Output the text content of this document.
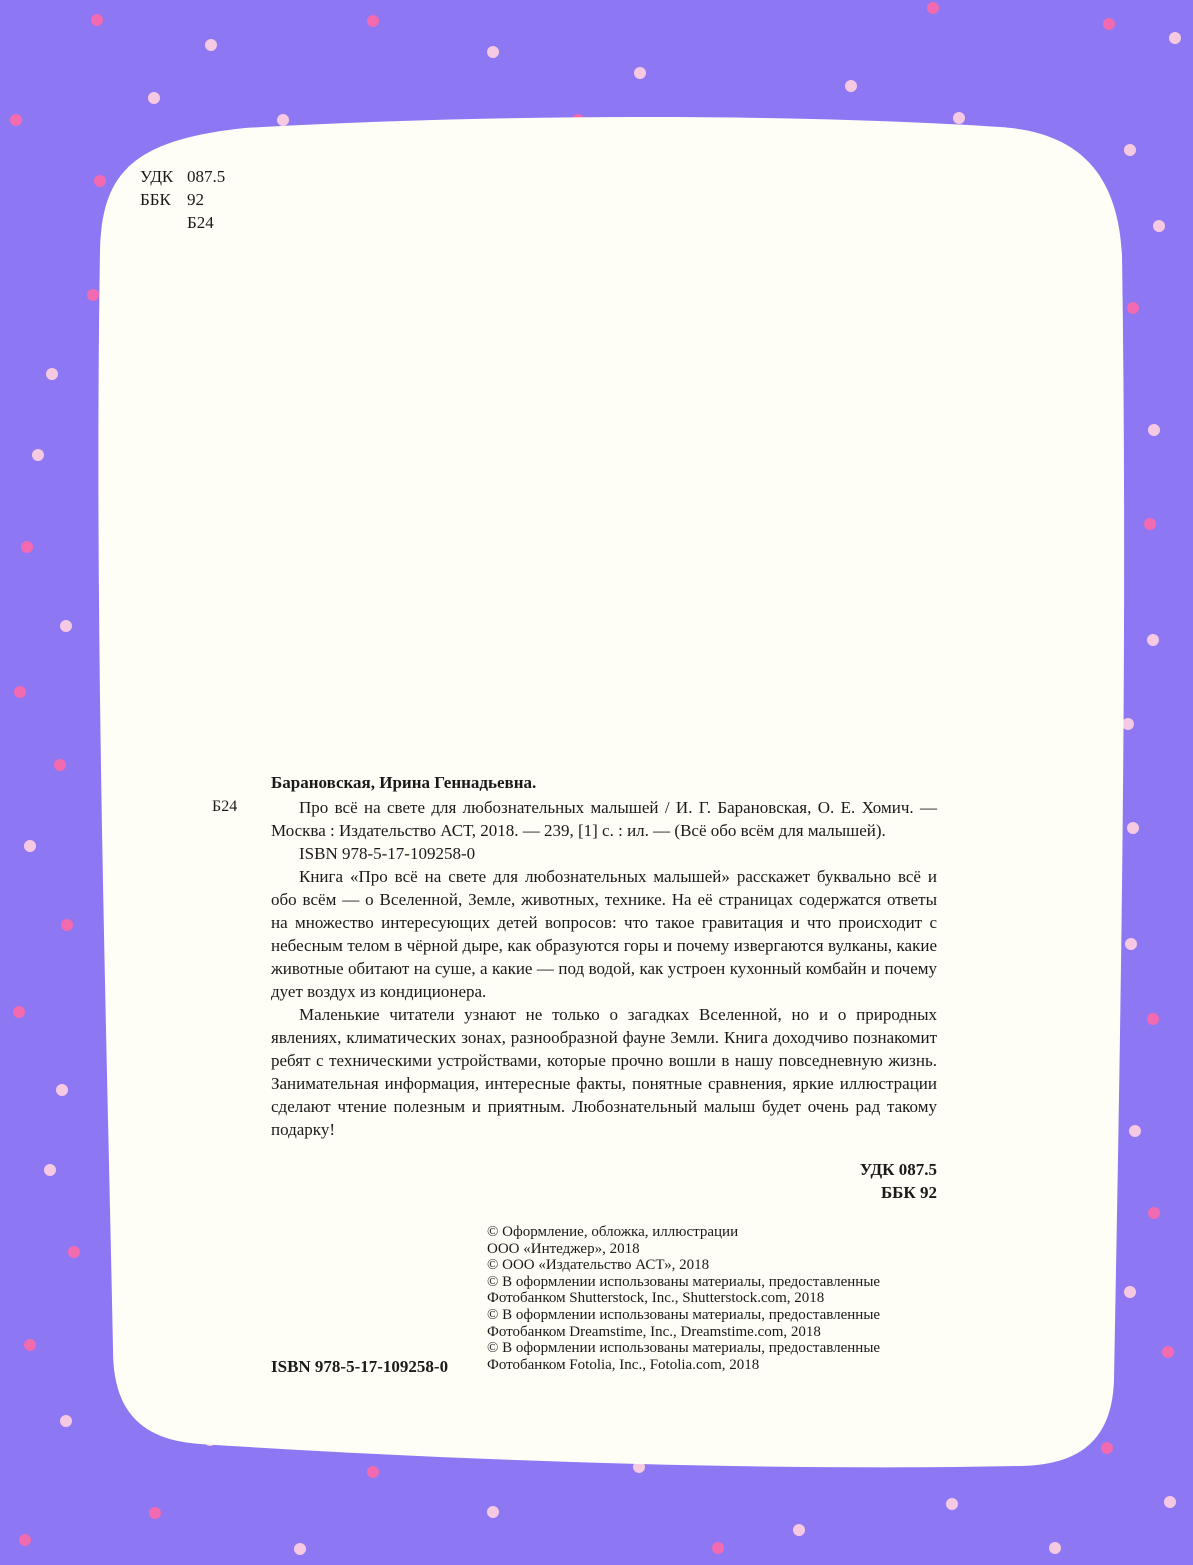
УДК 087.5
ББК 92
Б24
Б24
Барановская, Ирина Геннадьевна.

Про всё на свете для любознательных малышей / И. Г. Барановская, О. Е. Хомич. — Москва : Издательство АСТ, 2018. — 239, [1] с. : ил. — (Всё обо всём для малышей).

ISBN 978-5-17-109258-0

Книга «Про всё на свете для любознательных малышей» расскажет буквально всё и обо всём — о Вселенной, Земле, животных, технике. На её страницах содержатся ответы на множество интересующих детей вопросов: что такое гравитация и что происходит с небесным телом в чёрной дыре, как образуются горы и почему извергаются вулканы, какие животные обитают на суше, а какие — под водой, как устроен кухонный комбайн и почему дует воздух из кондиционера.

Маленькие читатели узнают не только о загадках Вселенной, но и о природных явлениях, климатических зонах, разнообразной фауне Земли. Книга доходчиво познакомит ребят с техническими устройствами, которые прочно вошли в нашу повседневную жизнь. Занимательная информация, интересные факты, понятные сравнения, яркие иллюстрации сделают чтение полезным и приятным. Любознательный малыш будет очень рад такому подарку!

УДК 087.5
ББК 92

© Оформление, обложка, иллюстрации

ООО «Интеджер», 2018

© ООО «Издательство АСТ», 2018

© В оформлении использованы материалы, предоставленные

Фотобанком Shutterstock, Inc., Shutterstock.com, 2018

© В оформлении использованы материалы, предоставленные

Фотобанком Dreamstime, Inc., Dreamstime.com, 2018

© В оформлении использованы материалы, предоставленные

Фотобанком Fotolia, Inc., Fotolia.com, 2018

ISBN 978-5-17-109258-0
